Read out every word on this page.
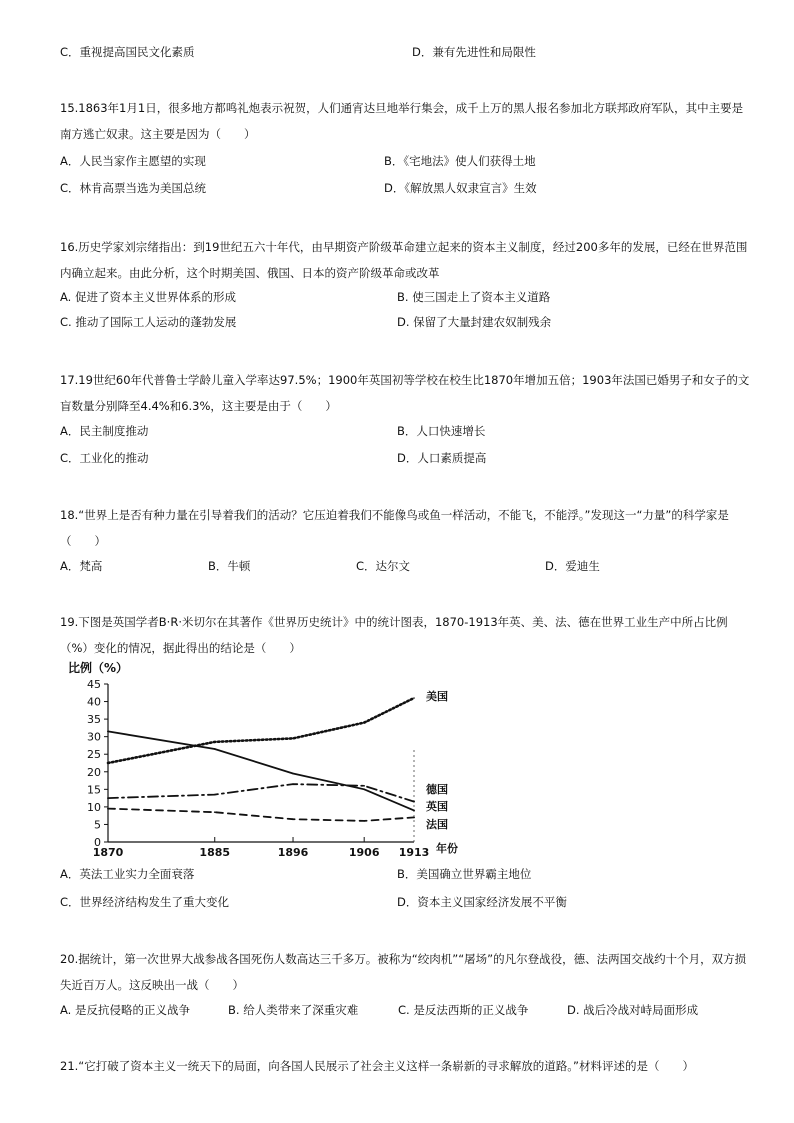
C．重视提高国民文化素质	D．兼有先进性和局限性
15.1863年1月1日，很多地方都鸣礼炮表示祝贺，人们通宵达旦地举行集会，成千上万的黑人报名参加北方联邦政府军队，其中主要是南方逃亡奴隶。这主要是因为（　　）
A．人民当家作主愿望的实现	B．《宅地法》使人们获得土地
C．林肯高票当选为美国总统	D．《解放黑人奴隶宣言》生效
16.历史学家刘宗绪指出：到19世纪五六十年代，由早期资产阶级革命建立起来的资本主义制度，经过200多年的发展，已经在世界范围内确立起来。由此分析，这个时期美国、俄国、日本的资产阶级革命或改革
A. 促进了资本主义世界体系的形成	B. 使三国走上了资本主义道路
C. 推动了国际工人运动的蓬勃发展	D. 保留了大量封建农奴制残余
17.19世纪60年代普鲁士学龄儿童入学率达97.5%；1900年英国初等学校在校生比1870年增加五倍；1903年法国已婚男子和女子的文盲数量分别降至4.4%和6.3%，这主要是由于（　　）
A．民主制度推动	B．人口快速增长
C．工业化的推动	D．人口素质提高
18.“世界上是否有种力量在引导着我们的活动？它压迫着我们不能像鸟或鱼一样活动，不能飞，不能浮。”发现这一“力量”的科学家是（　　）
A．梵高	B．牛顿	C．达尔文	D．爱迪生
19.下图是英国学者B·R·米切尔在其著作《世界历史统计》中的统计图表，1870-1913年英、美、法、德在世界工业生产中所占比例（%）变化的情况，据此得出的结论是（　　）
比例（%）
0
5
10
15
20
25
30
35
40
45
1870	1885	1896	1906 1913
美国
英国
德国
法国
年份
A．英法工业实力全面衰落	B．美国确立世界霸主地位
C．世界经济结构发生了重大变化	D．资本主义国家经济发展不平衡
20.据统计，第一次世界大战参战各国死伤人数高达三千多万。被称为“绞肉机”“屠场”的凡尔登战役，德、法两国交战约十个月，双方损失近百万人。这反映出一战（　　）
A. 是反抗侵略的正义战争	B. 给人类带来了深重灾难	C. 是反法西斯的正义战争	D. 战后冷战对峙局面形成
21.“它打破了资本主义一统天下的局面，向各国人民展示了社会主义这样一条崭新的寻求解放的道路。”材料评述的是（　　）
